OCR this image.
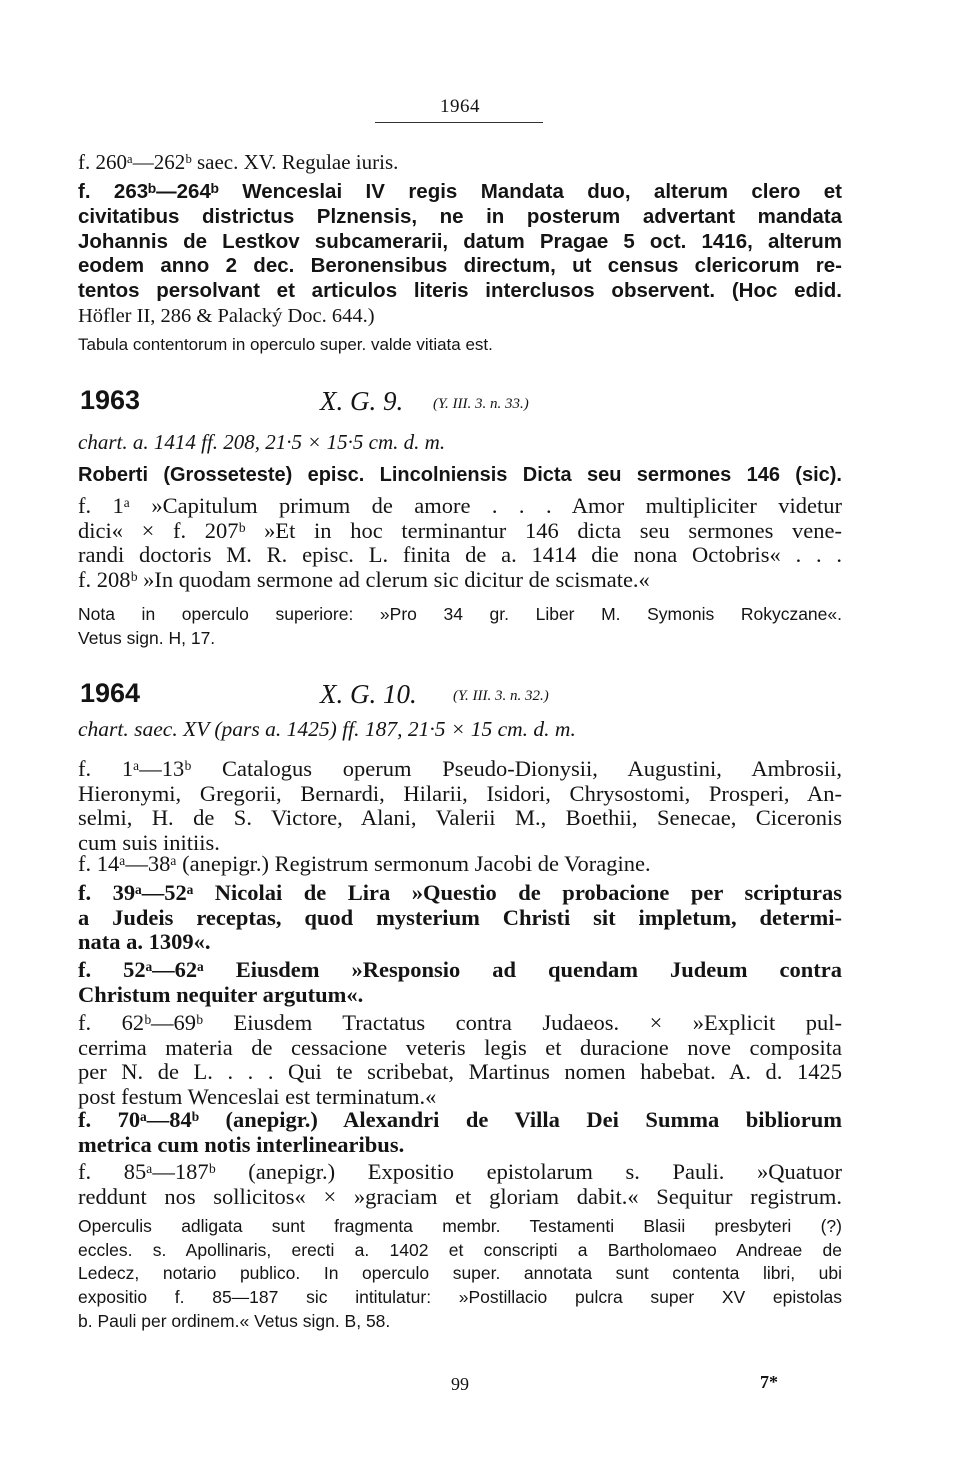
1964
f. 260ᵃ—262ᵇ saec. XV. Regulae iuris.
f. 263ᵇ—264ᵇ Wenceslai IV regis Mandata duo, alterum clero et
civitatibus districtus Plznensis, ne in posterum advertant mandata
Johannis de Lestkov subcamerarii, datum Pragae 5 oct. 1416, alterum
eodem anno 2 dec. Beronensibus directum, ut census clericorum re-
tentos persolvant et articulos literis interclusos observent. (Hoc edid.
Höfler II, 286 & Palacký Doc. 644.)
Tabula contentorum in operculo super. valde vitiata est.
1963	X. G. 9. (Y. III. 3. n. 33.)
chart. a. 1414 ff. 208, 21·5 × 15·5 cm. d. m.
Roberti (Grosseteste) episc. Lincolniensis Dicta seu sermones 146 (sic).
f. 1ᵃ »Capitulum primum de amore . . . Amor multipliciter videtur
dici« × f. 207ᵇ »Et in hoc terminantur 146 dicta seu sermones vene-
randi doctoris M. R. episc. L. finita de a. 1414 die nona Octobris« . . .
f. 208ᵇ »In quodam sermone ad clerum sic dicitur de scismate.«
Nota in operculo superiore: »Pro 34 gr. Liber M. Symonis Rokyczane«.
Vetus sign. H, 17.
1964	X. G. 10. (Y. III. 3. n. 32.)
chart. saec. XV (pars a. 1425) ff. 187, 21·5 × 15 cm. d. m.
f. 1ᵃ—13ᵇ Catalogus operum Pseudo-Dionysii, Augustini, Ambrosii,
Hieronymi, Gregorii, Bernardi, Hilarii, Isidori, Chrysostomi, Prosperi, An-
selmi, H. de S. Victore, Alani, Valerii M., Boethii, Senecae, Ciceronis
cum suis initiis.
f. 14ᵃ—38ᵃ (anepigr.) Registrum sermonum Jacobi de Voragine.
f. 39ᵃ—52ᵃ Nicolai de Lira »Questio de probacione per scripturas
a Judeis receptas, quod mysterium Christi sit impletum, determi-
nata a. 1309«.
f. 52ᵃ—62ᵃ Eiusdem »Responsio ad quendam Judeum contra
Christum nequiter argutum«.
f. 62ᵇ—69ᵇ Eiusdem Tractatus contra Judaeos. × »Explicit pul-
cerrima materia de cessacione veteris legis et duracione nove composita
per N. de L. . . . Qui te scribebat, Martinus nomen habebat. A. d. 1425
post festum Wenceslai est terminatum.«
f. 70ᵃ—84ᵇ (anepigr.) Alexandri de Villa Dei Summa bibliorum
metrica cum notis interlinearibus.
f. 85ᵃ—187ᵇ (anepigr.) Expositio epistolarum s. Pauli. »Quatuor
reddunt nos sollicitos« × »graciam et gloriam dabit.« Sequitur registrum.
Operculis adligata sunt fragmenta membr. Testamenti Blasii presbyteri (?)
eccles. s. Apollinaris, erecti a. 1402 et conscripti a Bartholomaeo Andreae de
Ledecz, notario publico. In operculo super. annotata sunt contenta libri, ubi
expositio f. 85—187 sic intitulatur: »Postillacio pulcra super XV epistolas
b. Pauli per ordinem.« Vetus sign. B, 58.
99	7*
